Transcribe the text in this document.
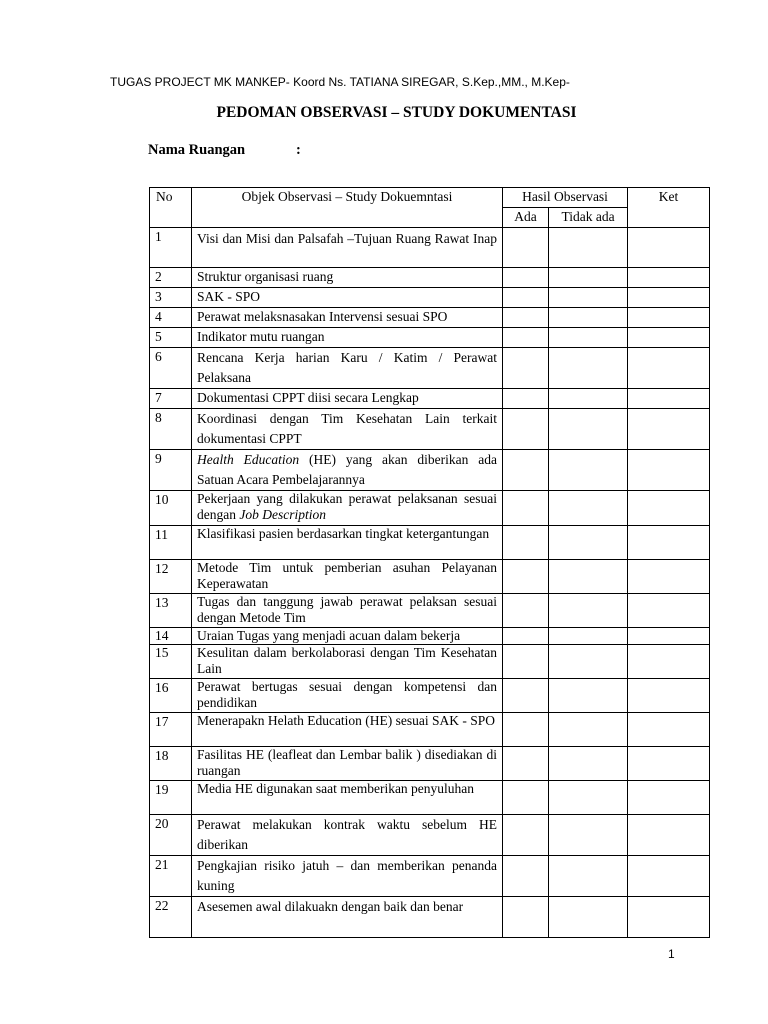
TUGAS PROJECT MK MANKEP- Koord Ns. TATIANA SIREGAR, S.Kep.,MM., M.Kep-
PEDOMAN OBSERVASI – STUDY DOKUMENTASI
Nama Ruangan	:
No	Objek Observasi – Study Dokuemntasi	Hasil Observasi		Ket
		Ada	Tidak ada	
1	Visi dan Misi dan Palsafah –Tujuan Ruang Rawat Inap			
2	Struktur organisasi ruang			
3	SAK - SPO			
4	Perawat melaksnasakan Intervensi sesuai SPO			
5	Indikator mutu ruangan			
6	Rencana Kerja harian Karu / Katim / Perawat Pelaksana			
7	Dokumentasi CPPT diisi secara Lengkap			
8	Koordinasi dengan Tim Kesehatan Lain terkait dokumentasi CPPT			
9	Health Education (HE) yang akan diberikan ada Satuan Acara Pembelajarannya			
10	Pekerjaan yang dilakukan perawat pelaksanan sesuai dengan Job Description			
11	Klasifikasi pasien berdasarkan tingkat ketergantungan			
12	Metode Tim untuk pemberian asuhan Pelayanan Keperawatan			
13	Tugas dan tanggung jawab perawat pelaksan sesuai dengan Metode Tim			
14	Uraian Tugas yang menjadi acuan dalam bekerja			
15	Kesulitan dalam berkolaborasi dengan Tim Kesehatan Lain			
16	Perawat bertugas sesuai dengan kompetensi dan pendidikan			
17	Menerapakn Helath Education (HE) sesuai SAK - SPO			
18	Fasilitas HE (leafleat dan Lembar balik ) disediakan di ruangan			
19	Media HE digunakan saat memberikan penyuluhan			
20	Perawat melakukan kontrak waktu sebelum HE diberikan			
21	Pengkajian risiko jatuh – dan memberikan penanda kuning			
22	Asesemen awal dilakuakn dengan baik dan benar			
1
